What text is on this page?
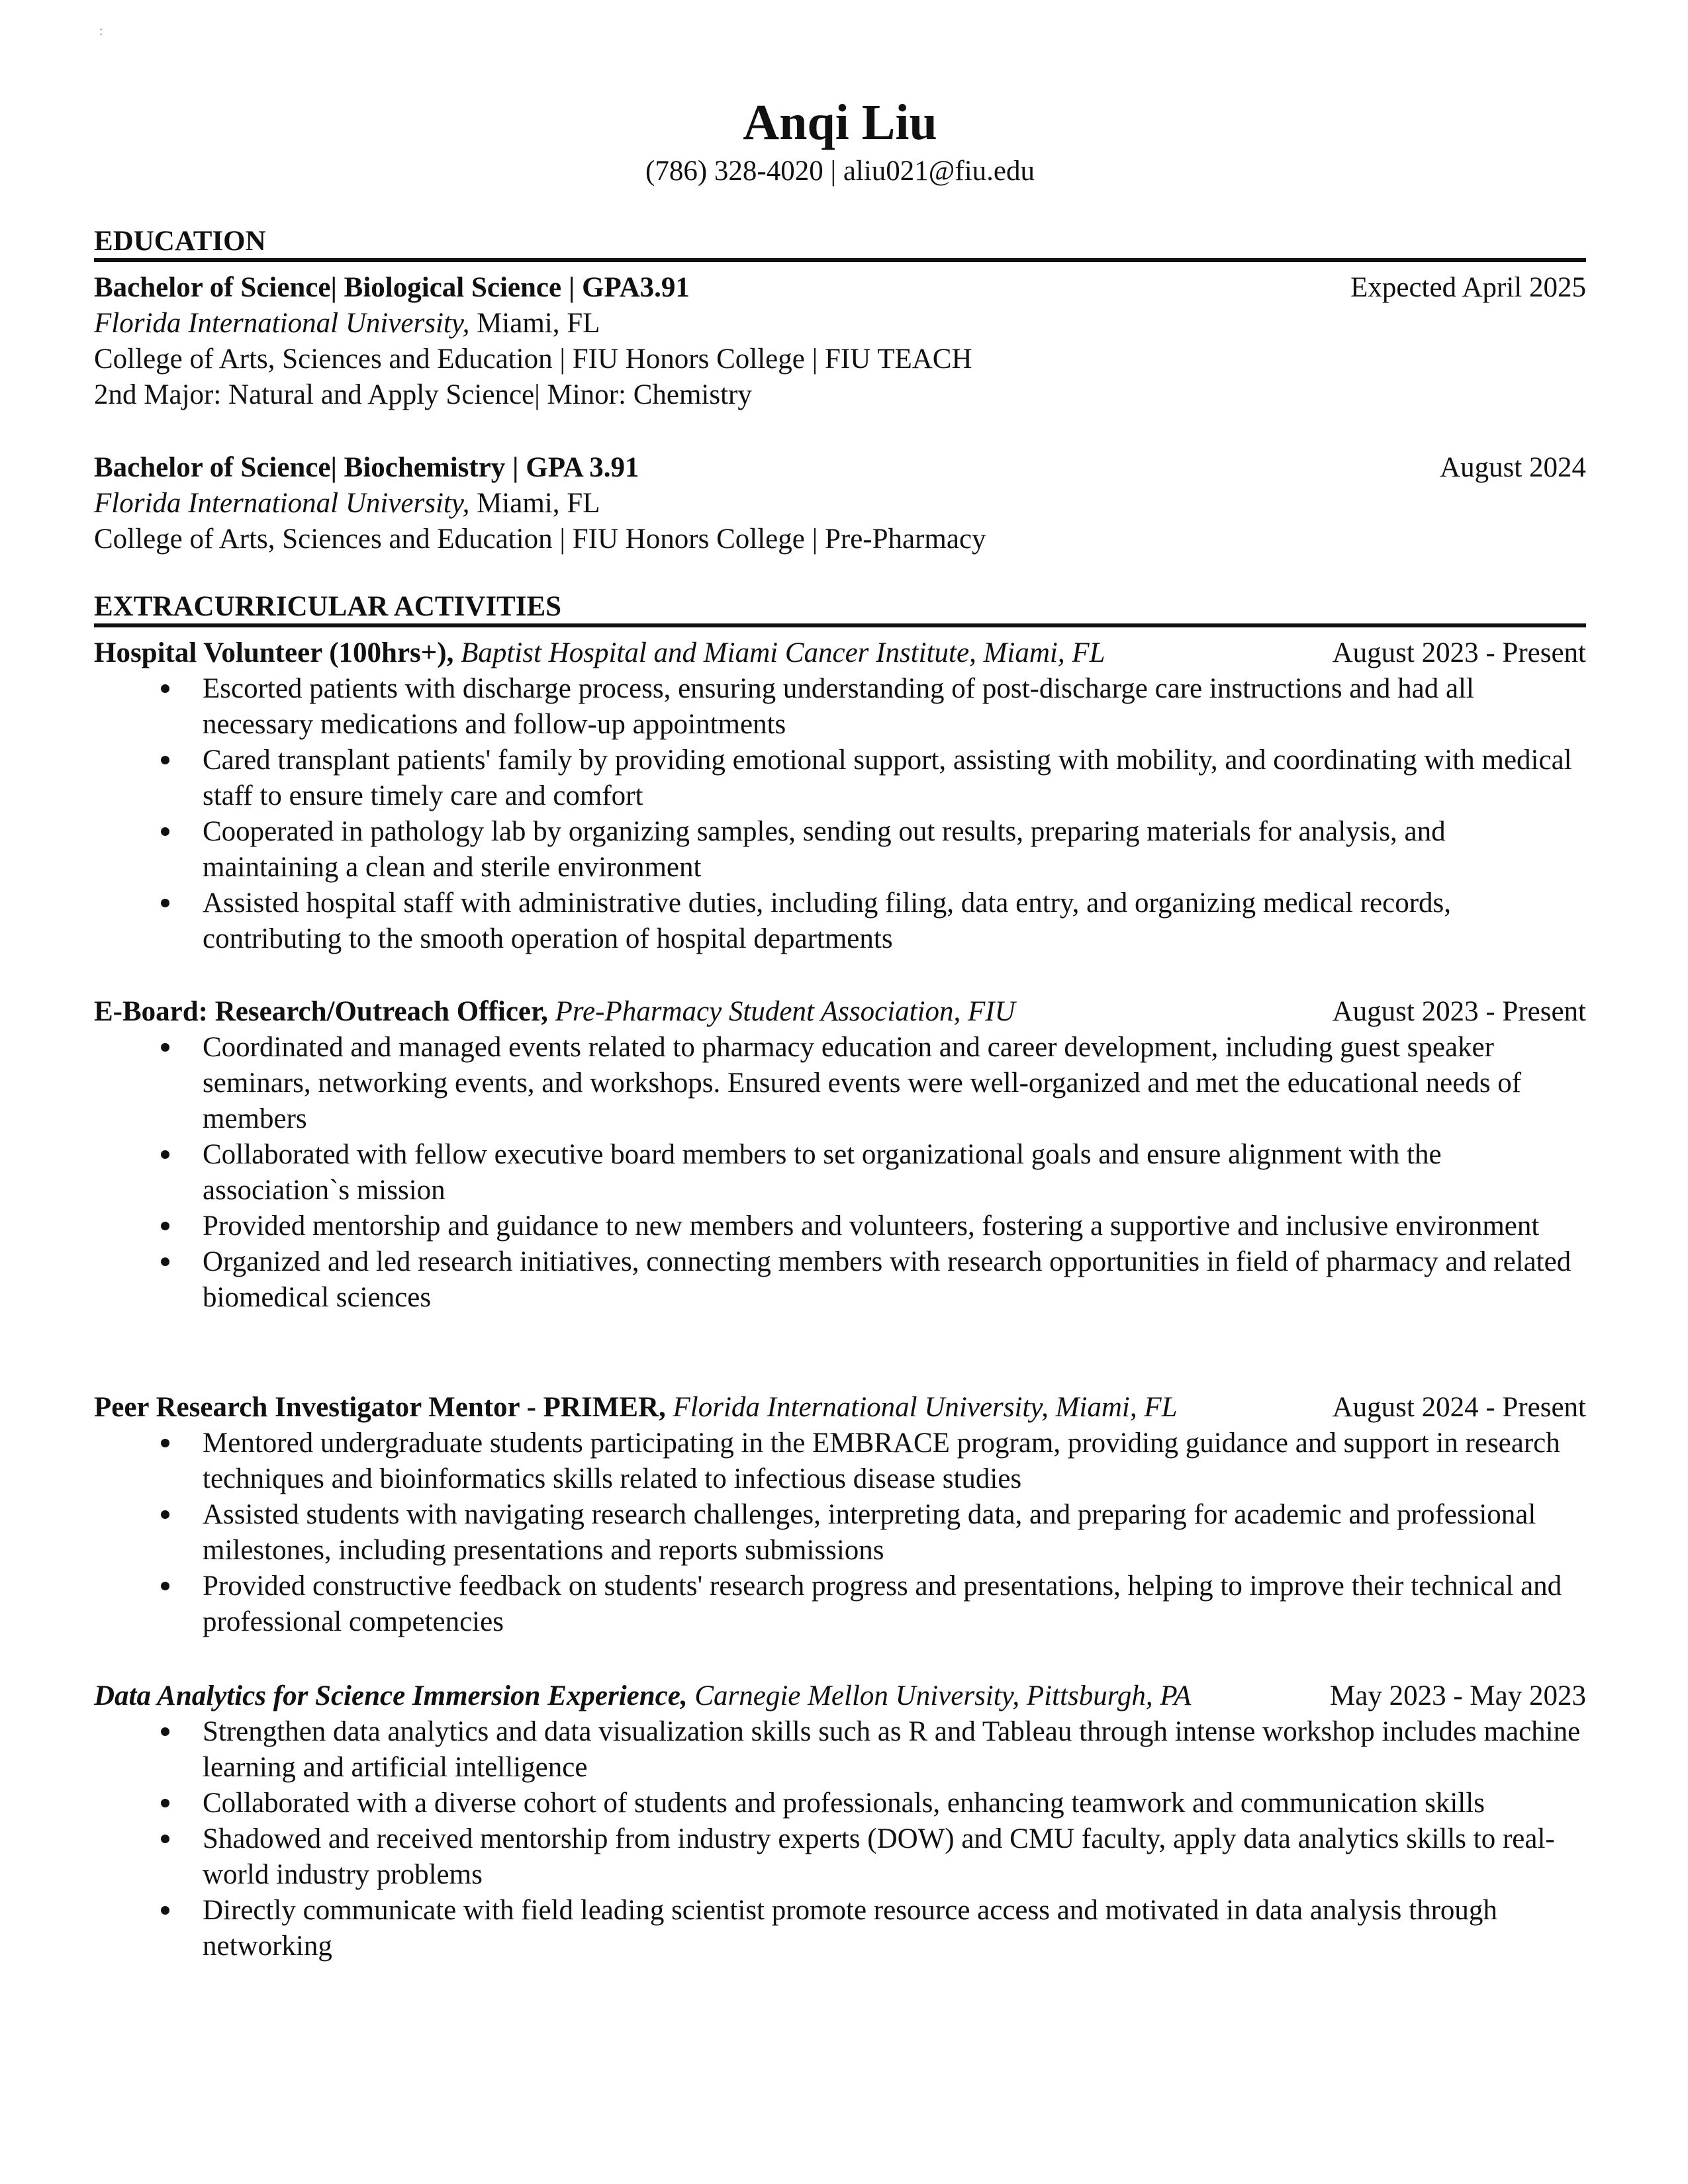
:
Anqi Liu
(786) 328-4020 | aliu021@fiu.edu
EDUCATION
Bachelor of Science| Biological Science | GPA3.91	Expected April 2025
Florida International University, Miami, FL
College of Arts, Sciences and Education | FIU Honors College | FIU TEACH
2nd Major: Natural and Apply Science| Minor: Chemistry
Bachelor of Science| Biochemistry | GPA 3.91	August 2024
Florida International University, Miami, FL
College of Arts, Sciences and Education | FIU Honors College | Pre-Pharmacy
EXTRACURRICULAR ACTIVITIES
Hospital Volunteer (100hrs+), Baptist Hospital and Miami Cancer Institute, Miami, FL	August 2023 - Present
Escorted patients with discharge process, ensuring understanding of post-discharge care instructions and had all necessary medications and follow-up appointments
Cared transplant patients' family by providing emotional support, assisting with mobility, and coordinating with medical staff to ensure timely care and comfort
Cooperated in pathology lab by organizing samples, sending out results, preparing materials for analysis, and maintaining a clean and sterile environment
Assisted hospital staff with administrative duties, including filing, data entry, and organizing medical records, contributing to the smooth operation of hospital departments
E-Board: Research/Outreach Officer, Pre-Pharmacy Student Association, FIU	August 2023 - Present
Coordinated and managed events related to pharmacy education and career development, including guest speaker seminars, networking events, and workshops. Ensured events were well-organized and met the educational needs of members
Collaborated with fellow executive board members to set organizational goals and ensure alignment with the association`s mission
Provided mentorship and guidance to new members and volunteers, fostering a supportive and inclusive environment
Organized and led research initiatives, connecting members with research opportunities in field of pharmacy and related biomedical sciences
Peer Research Investigator Mentor - PRIMER, Florida International University, Miami, FL	August 2024 - Present
Mentored undergraduate students participating in the EMBRACE program, providing guidance and support in research techniques and bioinformatics skills related to infectious disease studies
Assisted students with navigating research challenges, interpreting data, and preparing for academic and professional milestones, including presentations and reports submissions
Provided constructive feedback on students' research progress and presentations, helping to improve their technical and professional competencies
Data Analytics for Science Immersion Experience, Carnegie Mellon University, Pittsburgh, PA	May 2023 - May 2023
Strengthen data analytics and data visualization skills such as R and Tableau through intense workshop includes machine learning and artificial intelligence
Collaborated with a diverse cohort of students and professionals, enhancing teamwork and communication skills
Shadowed and received mentorship from industry experts (DOW) and CMU faculty, apply data analytics skills to real-world industry problems
Directly communicate with field leading scientist promote resource access and motivated in data analysis through networking
